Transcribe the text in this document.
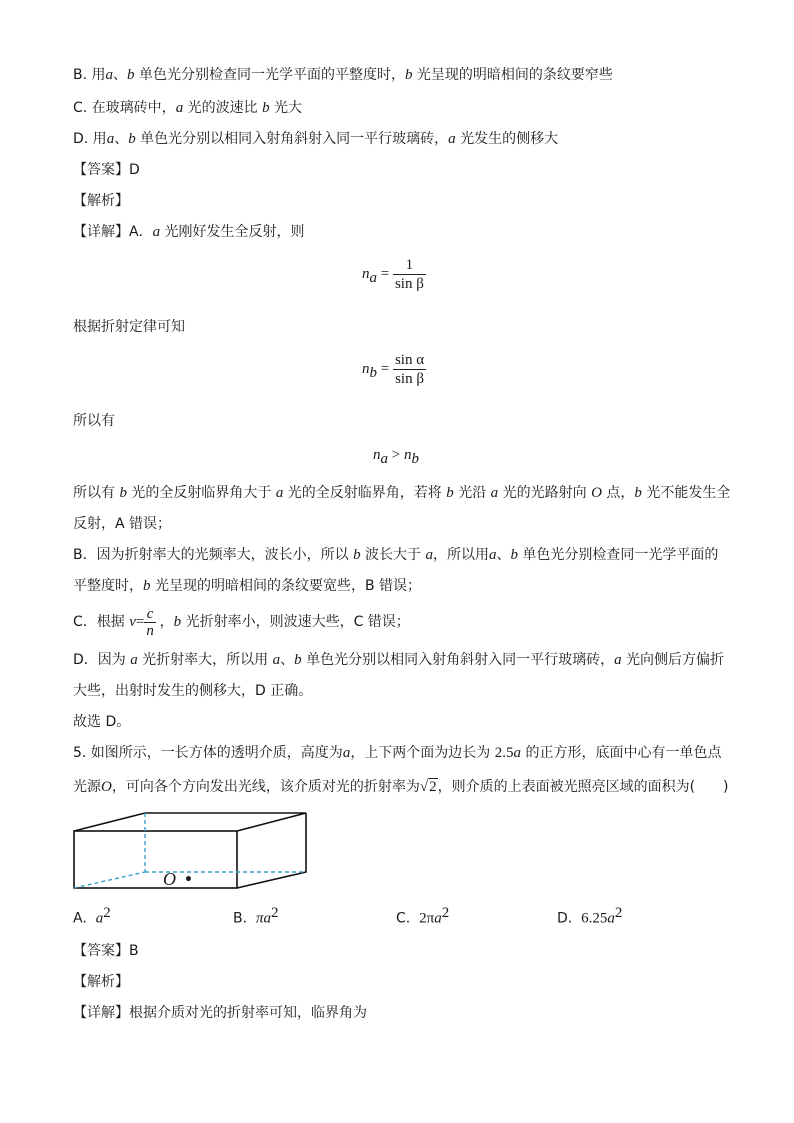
B. 用a、b 单色光分别检查同一光学平面的平整度时，b 光呈现的明暗相间的条纹要窄些
C. 在玻璃砖中，a 光的波速比 b 光大
D. 用a、b 单色光分别以相同入射角斜射入同一平行玻璃砖，a 光发生的侧移大
【答案】D
【解析】
【详解】A．a 光刚好发生全反射，则
$n_a = \frac{1}{\text{sin β}}$
根据折射定律可知
$n_b = \frac{\text{sin α}}{\text{sin β}}$
所以有
$n_a > n_b$
所以有 b 光的全反射临界角大于 a 光的全反射临界角，若将 b 光沿 a 光的光路射向 O 点，b 光不能发生全
反射，A 错误；
B．因为折射率大的光频率大，波长小，所以 b 波长大于 a，所以用a、b 单色光分别检查同一光学平面的
平整度时，b 光呈现的明暗相间的条纹要宽些，B 错误；
C．根据 $v= \frac{c}{n}$ ，b 光折射率小，则波速大些，C 错误；
D．因为 a 光折射率大，所以用 a、b 单色光分别以相同入射角斜射入同一平行玻璃砖，a 光向侧后方偏折
大些，出射时发生的侧移大，D 正确。
故选 D。
5. 如图所示，一长方体的透明介质，高度为a，上下两个面为边长为 2.5a 的正方形，底面中心有一单色点
光源O，可向各个方向发出光线，该介质对光的折射率为√2，则介质的上表面被光照亮区域的面积为(　　)
O •
A. $a^2$	B. $\pi a^2$	C. $2\pi a^2$	D. $6.25a^2$
【答案】B
【解析】
【详解】根据介质对光的折射率可知，临界角为
